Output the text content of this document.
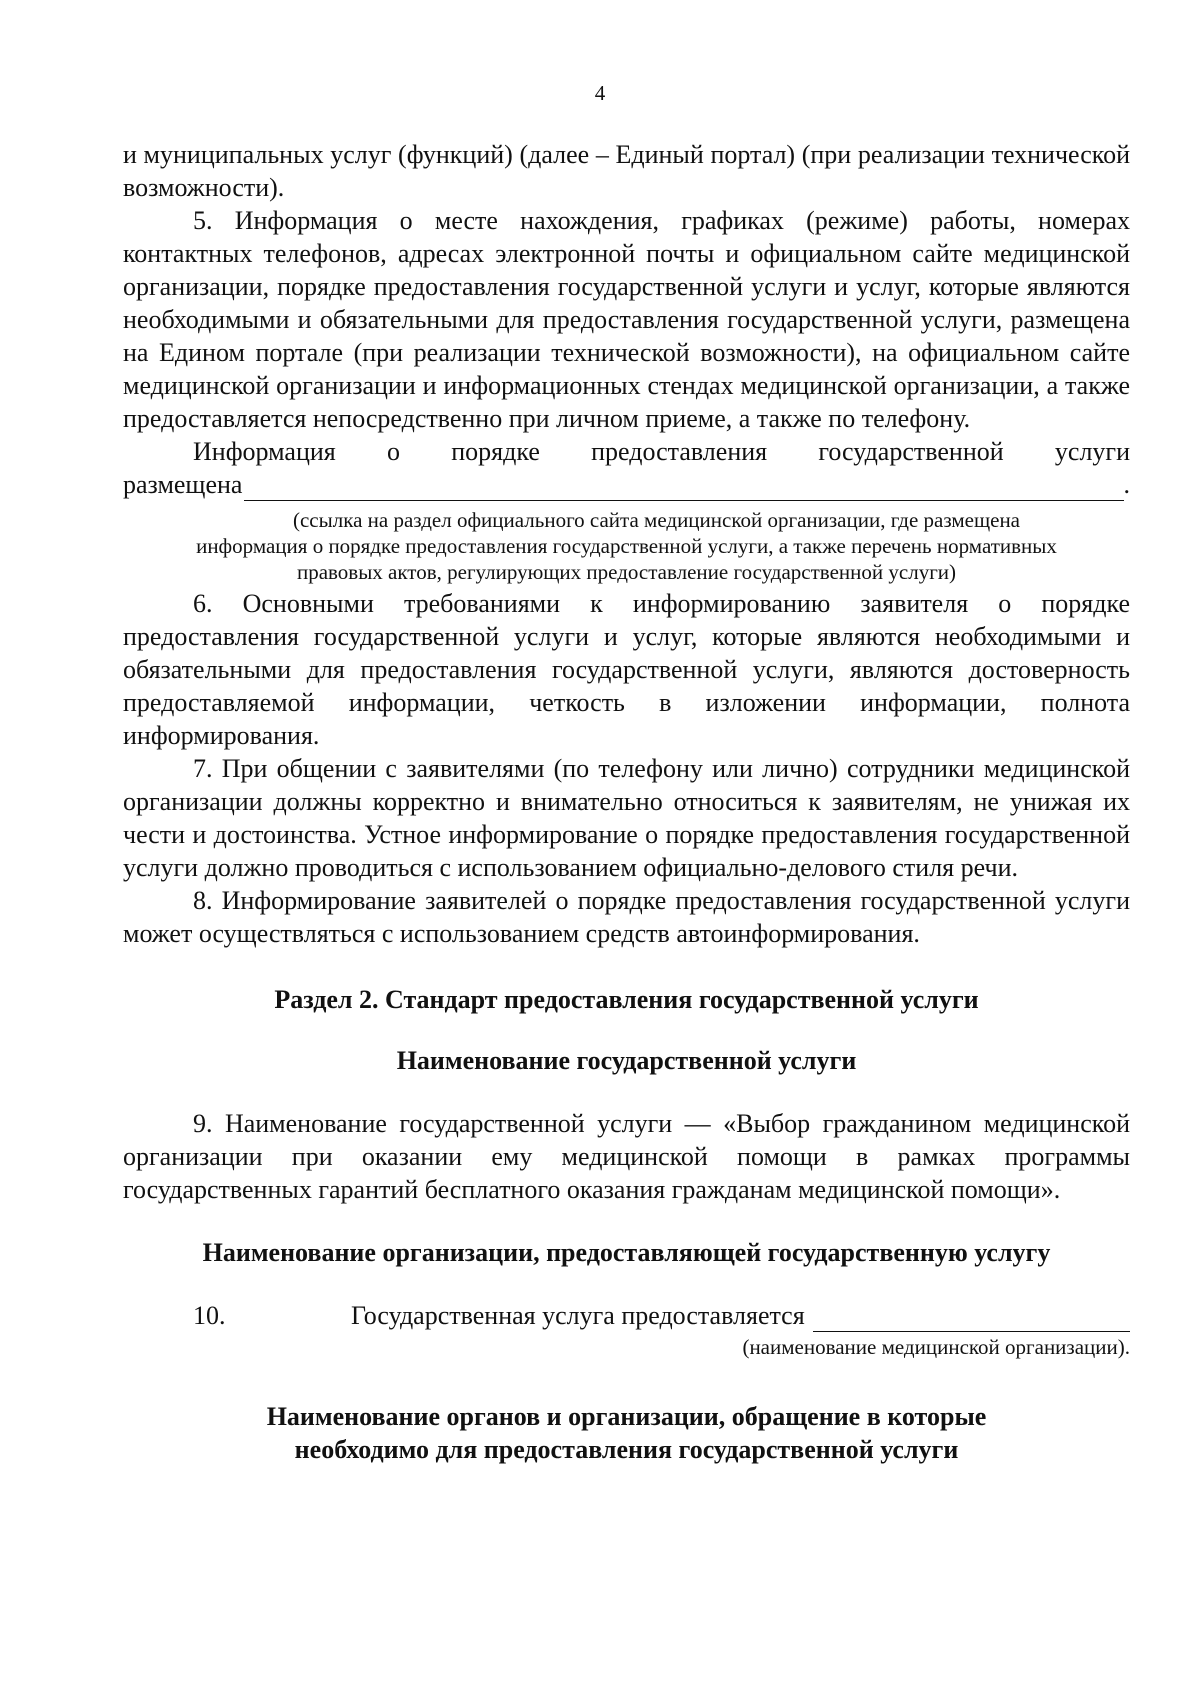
4

и муниципальных услуг (функций) (далее – Единый портал) (при реализации технической возможности).

5. Информация о месте нахождения, графиках (режиме) работы, номерах контактных телефонов, адресах электронной почты и официальном сайте медицинской организации, порядке предоставления государственной услуги и услуг, которые являются необходимыми и обязательными для предоставления государственной услуги, размещена на Едином портале (при реализации технической возможности), на официальном сайте медицинской организации и информационных стендах медицинской организации, а также предоставляется непосредственно при личном приеме, а также по телефону.

Информация о порядке предоставления государственной услуги

размещена	.
(ссылка на раздел официального сайта медицинской организации, где размещена
информация о порядке предоставления государственной услуги, а также перечень нормативных
правовых актов, регулирующих предоставление государственной услуги)

6. Основными требованиями к информированию заявителя о порядке предоставления государственной услуги и услуг, которые являются необходимыми и обязательными для предоставления государственной услуги, являются достоверность предоставляемой информации, четкость в изложении информации, полнота информирования.

7. При общении с заявителями (по телефону или лично) сотрудники медицинской организации должны корректно и внимательно относиться к заявителям, не унижая их чести и достоинства. Устное информирование о порядке предоставления государственной услуги должно проводиться с использованием официально-делового стиля речи.

8. Информирование заявителей о порядке предоставления государственной услуги может осуществляться с использованием средств автоинформирования.

Раздел 2. Стандарт предоставления государственной услуги

Наименование государственной услуги

9. Наименование государственной услуги — «Выбор гражданином медицинской организации при оказании ему медицинской помощи в рамках программы государственных гарантий бесплатного оказания гражданам медицинской помощи».

Наименование организации, предоставляющей государственную услугу

10.	Государственная услуга предоставляется

(наименование медицинской организации).

Наименование органов и организации, обращение в которые
необходимо для предоставления государственной услуги
